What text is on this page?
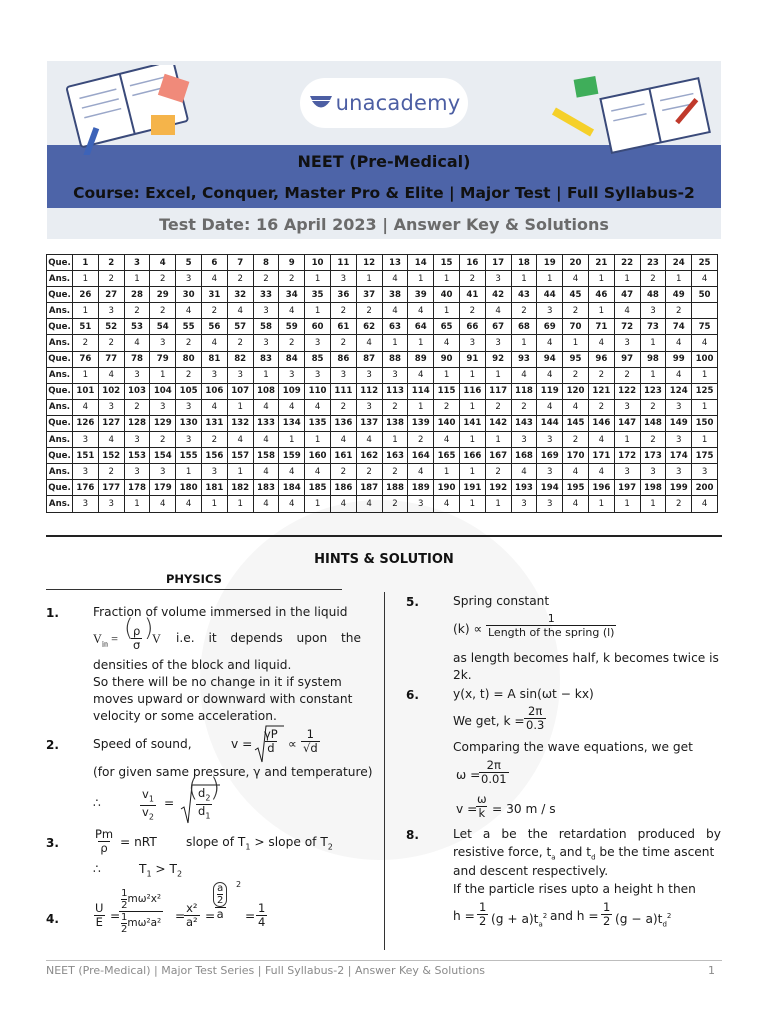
unacademy
NEET (Pre-Medical)
Course: Excel, Conquer, Master Pro & Elite | Major Test | Full Syllabus-2
Test Date: 16 April 2023 | Answer Key & Solutions
Que.	1	2	3	4	5	6	7	8	9	10	11	12	13	14	15	16	17	18	19	20	21	22	23	24	25
Ans.	1	2	1	2	3	4	2	2	2	1	3	1	4	1	1	2	3	1	1	4	1	1	2	1	4
Que.	26	27	28	29	30	31	32	33	34	35	36	37	38	39	40	41	42	43	44	45	46	47	48	49	50
Ans.	1	3	2	2	4	2	4	3	4	1	2	2	4	4	1	2	4	2	3	2	1	4	3	2	
Que.	51	52	53	54	55	56	57	58	59	60	61	62	63	64	65	66	67	68	69	70	71	72	73	74	75
Ans.	2	2	4	3	2	4	2	3	2	3	2	4	1	1	4	3	3	1	4	1	4	3	1	4	4
Que.	76	77	78	79	80	81	82	83	84	85	86	87	88	89	90	91	92	93	94	95	96	97	98	99	100
Ans.	1	4	3	1	2	3	3	1	3	3	3	3	3	4	1	1	1	4	4	2	2	2	1	4	1
Que.	101	102	103	104	105	106	107	108	109	110	111	112	113	114	115	116	117	118	119	120	121	122	123	124	125
Ans.	4	3	2	3	3	4	1	4	4	4	2	3	2	1	2	1	2	2	4	4	2	3	2	3	1
Que.	126	127	128	129	130	131	132	133	134	135	136	137	138	139	140	141	142	143	144	145	146	147	148	149	150
Ans.	3	4	3	2	3	2	4	4	1	1	4	4	1	2	4	1	1	3	3	2	4	1	2	3	1
Que.	151	152	153	154	155	156	157	158	159	160	161	162	163	164	165	166	167	168	169	170	171	172	173	174	175
Ans.	3	2	3	3	1	3	1	4	4	4	2	2	2	4	1	1	2	4	3	4	4	3	3	3	3
Que.	176	177	178	179	180	181	182	183	184	185	186	187	188	189	190	191	192	193	194	195	196	197	198	199	200
Ans.	3	3	1	4	4	1	1	4	4	1	4	4	2	3	4	1	1	3	3	4	1	1	1	2	4
HINTS & SOLUTION
PHYSICS
1.	Fraction of volume immersed in the liquid
$V_{in}$ = (
$\frac{\rho}{\sigma}$ )
V i.e. it depends upon the
densities of the block and liquid.
So there will be no change in it if system
moves upward or downward with constant
velocity or some acceleration.
2.	Speed of sound,	$v = \frac{\gamma P}{d} \propto \frac{1}{√d}$
(for given same pressure, γ and temperature)
∴	$\frac{v_1}{v_2}$ = (
$\frac{d_2}{d_1}$
)
3.	$\frac{Pm}{\rho}$ = nRT slope of $T_1$ > slope of $T_2$
∴	$T_1 > T_2$
4.	$\frac{U}{E}$ =
1
2
mω²x²
1
2
mω²a² =
$\frac{\text{x²}}{\text{a²}}$ =
a
2
a 2
= $\frac{1}{4}$
5.	Spring constant
(k) ∝
1
Length of the spring (l)
as length becomes half, k becomes twice is
2k.
6.	y(x, t) = A sin(ωt − kx)
We get, $k = \frac{2\pi}{0.3}$
Comparing the wave equations, we get
ω =
$\frac{2\pi}{0.01}$
v =
$\frac{\omega}{k} = 30$ m / s
8.	Let a be the retardation produced by
resistive force, $t_a$ and $t_d$ be the time ascent
and descent respectively.
If the particle rises upto a height h then
$h = \frac{1}{2} (g + a)t_a^2$ and $h = \frac{1}{2} (g - a)t_d^2$
NEET (Pre-Medical) | Major Test Series | Full Syllabus-2 | Answer Key & Solutions	1
